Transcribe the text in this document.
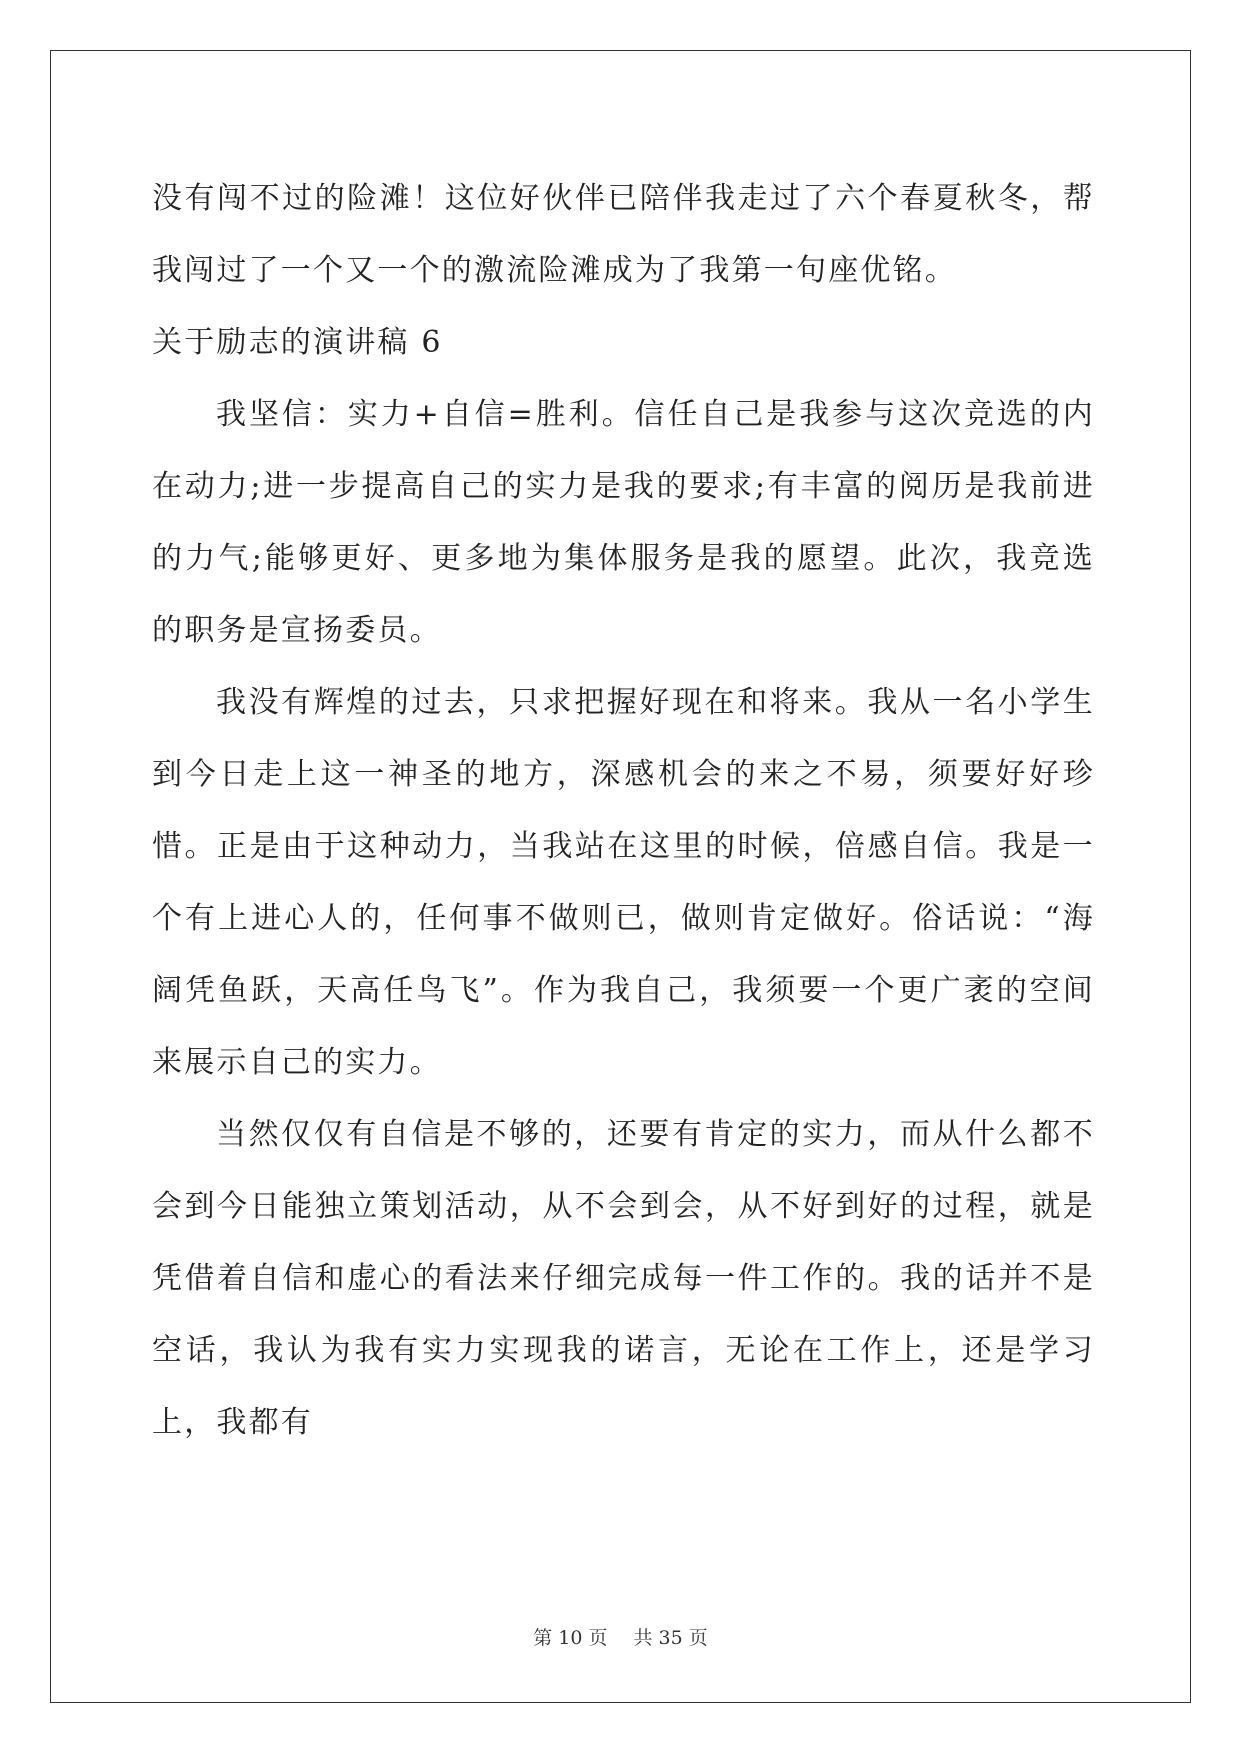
没有闯不过的险滩！这位好伙伴已陪伴我走过了六个春夏秋冬，帮我闯过了一个又一个的激流险滩成为了我第一句座优铭。

关于励志的演讲稿 6

我坚信：实力+自信=胜利。信任自己是我参与这次竞选的内在动力;进一步提高自己的实力是我的要求;有丰富的阅历是我前进的力气;能够更好、更多地为集体服务是我的愿望。此次，我竞选的职务是宣扬委员。

我没有辉煌的过去，只求把握好现在和将来。我从一名小学生到今日走上这一神圣的地方，深感机会的来之不易，须要好好珍惜。正是由于这种动力，当我站在这里的时候，倍感自信。我是一个有上进心人的，任何事不做则已，做则肯定做好。俗话说：“海阔凭鱼跃，天高任鸟飞”。作为我自己，我须要一个更广袤的空间来展示自己的实力。

当然仅仅有自信是不够的，还要有肯定的实力，而从什么都不会到今日能独立策划活动，从不会到会，从不好到好的过程，就是凭借着自信和虚心的看法来仔细完成每一件工作的。我的话并不是空话，我认为我有实力实现我的诺言，无论在工作上，还是学习上，我都有

第 10 页 共 35 页
